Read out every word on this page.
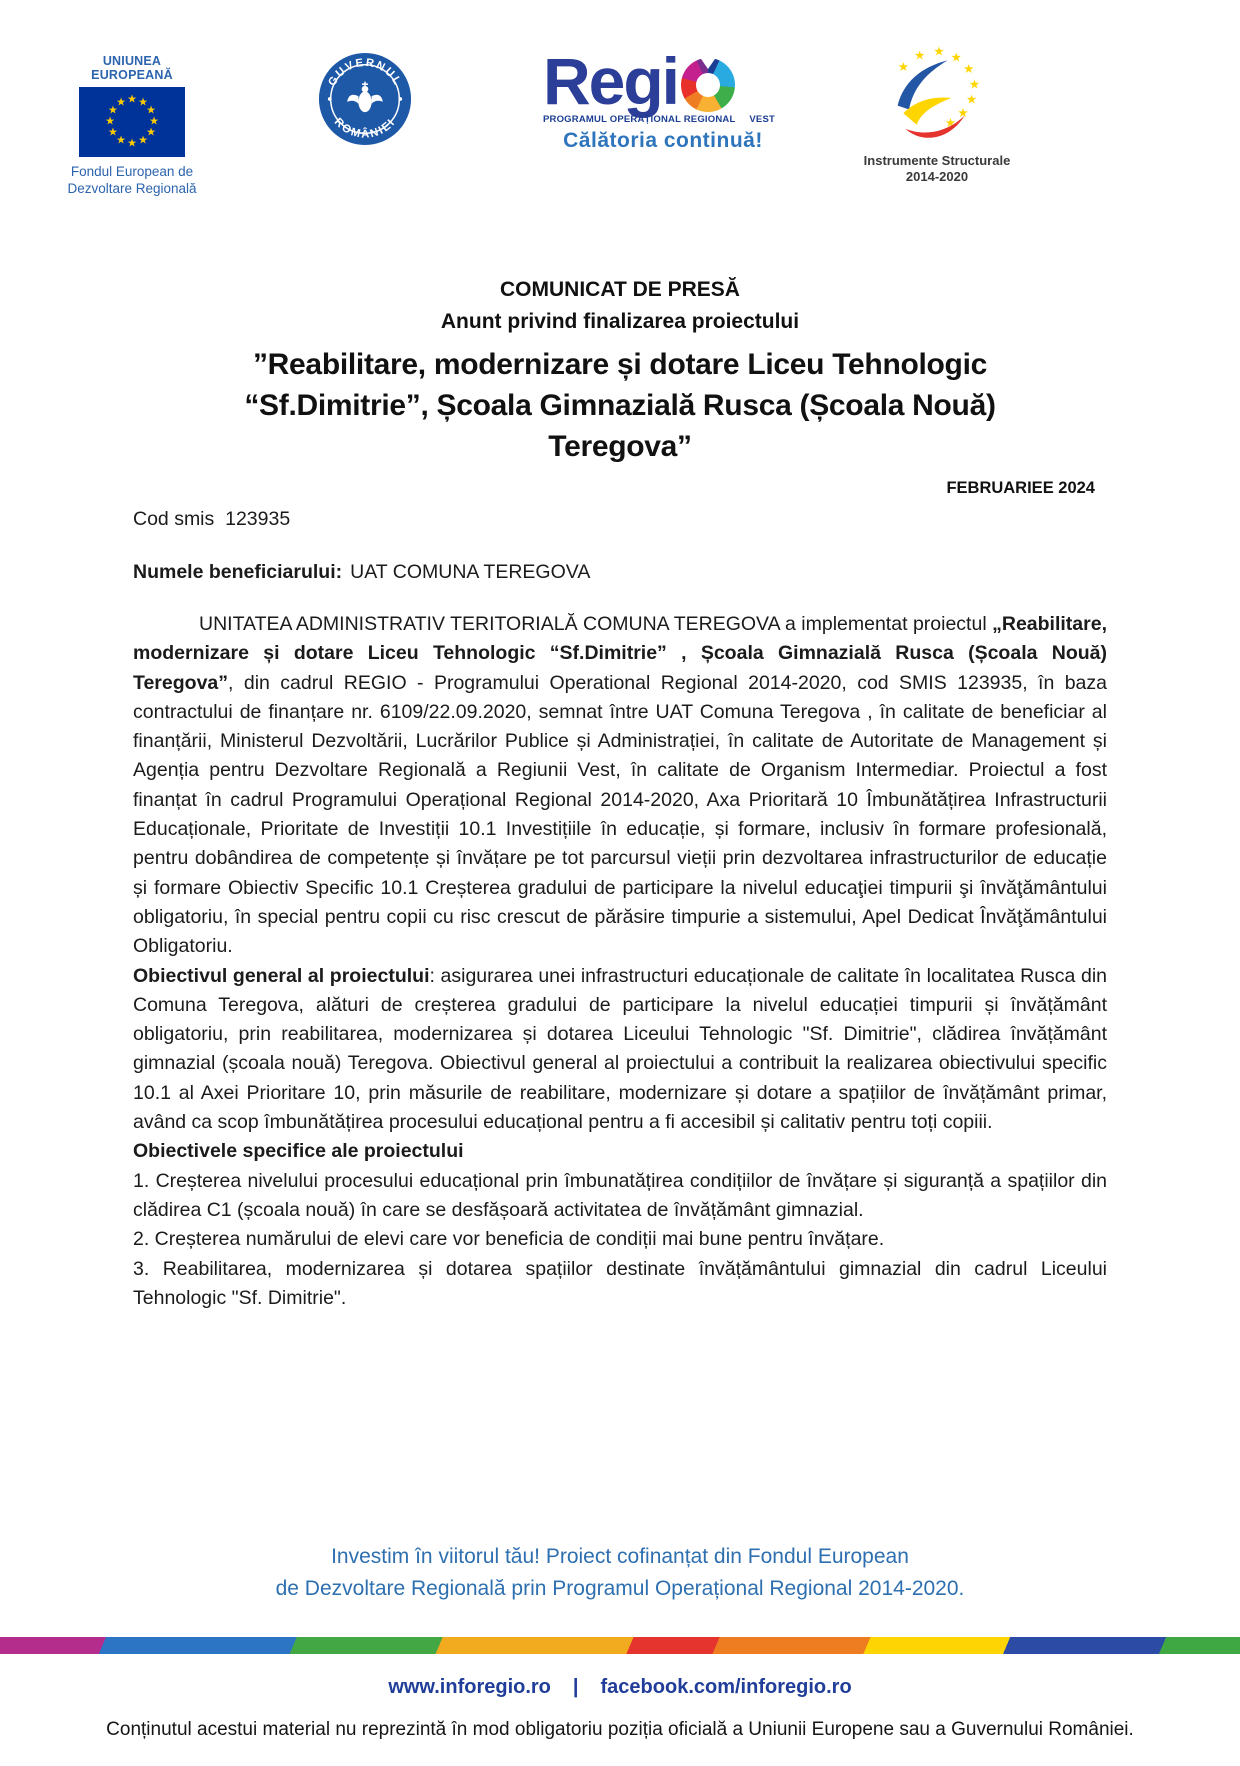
UNIUNEA EUROPEANĂ
★ ★
★
★
★
★
★
★
★
★
★
★
Fondul European de
Dezvoltare Regională
GUVERNUL
ROMÂNIEI
Regi
PROGRAMUL OPERAȚIONAL REGIONAL VEST
Călătoria continuă!
★
★ ★ ★
★
★
★
★
★
Instrumente Structurale
2014-2020
COMUNICAT DE PRESĂ
Anunt privind finalizarea proiectului
”Reabilitare, modernizare și dotare Liceu Tehnologic “Sf.Dimitrie”, Școala Gimnazială Rusca (Școala Nouă) Teregova”
FEBRUARIEE 2024
Cod smis  123935
Numele beneficiarului: UAT COMUNA TEREGOVA

UNITATEA ADMINISTRATIV TERITORIALĂ COMUNA TEREGOVA a implementat proiectul „Reabilitare, modernizare și dotare Liceu Tehnologic “Sf.Dimitrie” , Școala Gimnazială Rusca (Școala Nouă) Teregova”, din cadrul REGIO - Programului Operational Regional 2014-2020, cod SMIS 123935, în baza contractului de finanțare nr. 6109/22.09.2020, semnat între UAT Comuna Teregova , în calitate de beneficiar al finanțării, Ministerul Dezvoltării, Lucrărilor Publice și Administrației, în calitate de Autoritate de Management și Agenția pentru Dezvoltare Regională a Regiunii Vest, în calitate de Organism Intermediar. Proiectul a fost finanțat în cadrul Programului Operațional Regional 2014-2020, Axa Prioritară 10 Îmbunătățirea Infrastructurii Educaționale, Prioritate de Investiții 10.1 Investițiile în educație, și formare, inclusiv în formare profesională, pentru dobândirea de competențe și învățare pe tot parcursul vieții prin dezvoltarea infrastructurilor de educație și formare Obiectiv Specific 10.1 Creșterea gradului de participare la nivelul educaţiei timpurii şi învăţământului obligatoriu, în special pentru copii cu risc crescut de părăsire timpurie a sistemului, Apel Dedicat Învăţământului Obligatoriu.

Obiectivul general al proiectului: asigurarea unei infrastructuri educaționale de calitate în localitatea Rusca din Comuna Teregova, alături de creșterea gradului de participare la nivelul educației timpurii și învățământ obligatoriu, prin reabilitarea, modernizarea și dotarea Liceului Tehnologic "Sf. Dimitrie", clădirea învățământ gimnazial (școala nouă) Teregova. Obiectivul general al proiectului a contribuit la realizarea obiectivului specific 10.1 al Axei Prioritare 10, prin măsurile de reabilitare, modernizare și dotare a spațiilor de învățământ primar, având ca scop îmbunătățirea procesului educațional pentru a fi accesibil și calitativ pentru toți copiii.

Obiectivele specifice ale proiectului

1. Creșterea nivelului procesului educațional prin îmbunatățirea condițiilor de învățare și siguranță a spațiilor din clădirea C1 (școala nouă) în care se desfășoară activitatea de învățământ gimnazial.

2. Creșterea numărului de elevi care vor beneficia de condiții mai bune pentru învățare.

3. Reabilitarea, modernizarea și dotarea spațiilor destinate învățământului gimnazial din cadrul Liceului Tehnologic "Sf. Dimitrie".

Investim în viitorul tău! Proiect cofinanțat din Fondul European
de Dezvoltare Regională prin Programul Operațional Regional 2014-2020.
www.inforegio.ro | facebook.com/inforegio.ro
Conținutul acestui material nu reprezintă în mod obligatoriu poziția oficială a Uniunii Europene sau a Guvernului României.
